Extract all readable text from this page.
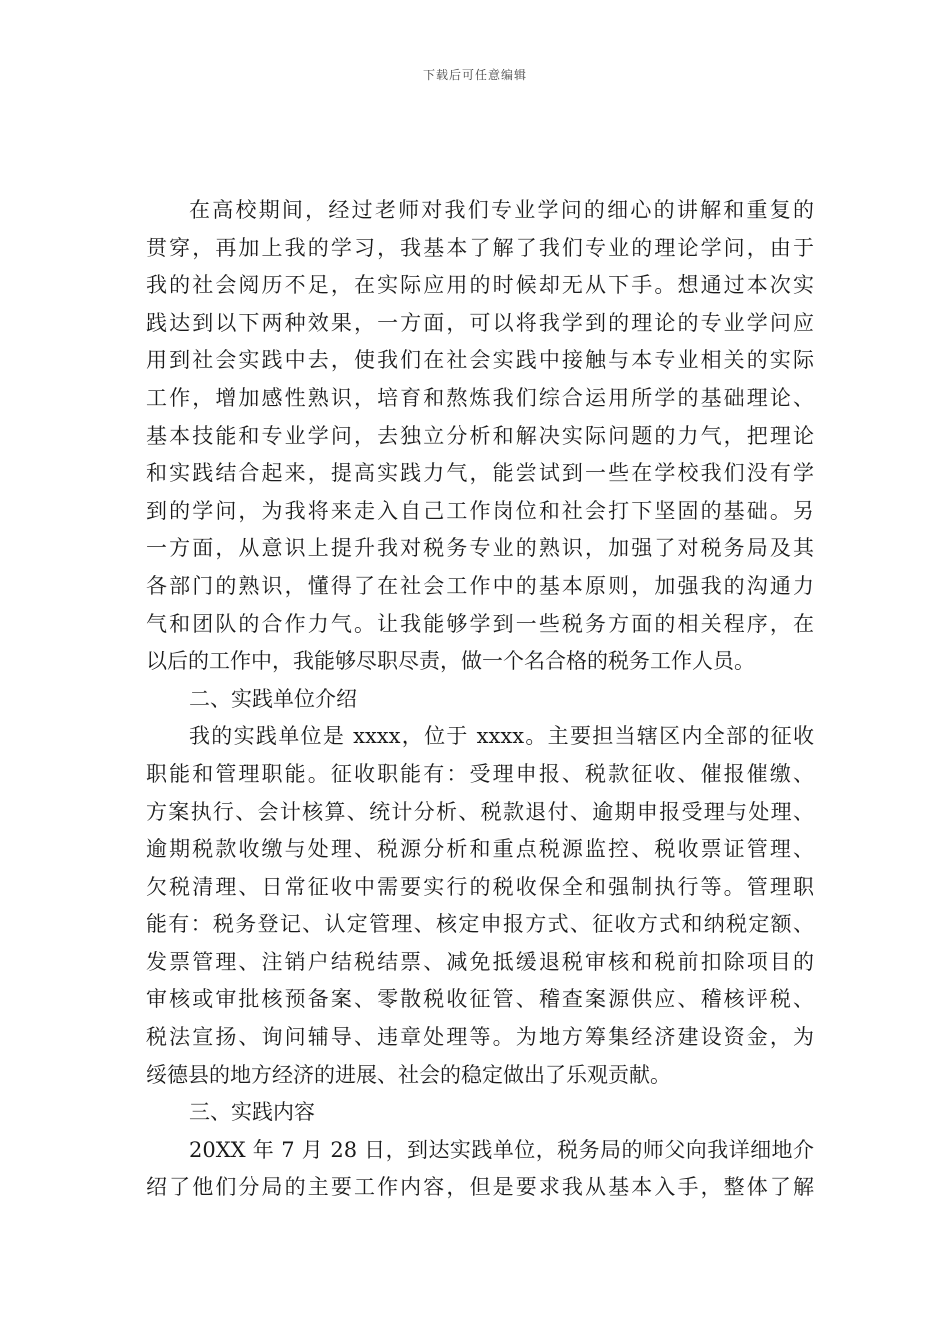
下载后可任意编辑
在高校期间，经过老师对我们专业学问的细心的讲解和重复的
贯穿，再加上我的学习，我基本了解了我们专业的理论学问，由于
我的社会阅历不足，在实际应用的时候却无从下手。想通过本次实
践达到以下两种效果，一方面，可以将我学到的理论的专业学问应
用到社会实践中去，使我们在社会实践中接触与本专业相关的实际
工作，增加感性熟识，培育和熬炼我们综合运用所学的基础理论、
基本技能和专业学问，去独立分析和解决实际问题的力气，把理论
和实践结合起来，提高实践力气，能尝试到一些在学校我们没有学
到的学问，为我将来走入自己工作岗位和社会打下坚固的基础。另
一方面，从意识上提升我对税务专业的熟识，加强了对税务局及其
各部门的熟识，懂得了在社会工作中的基本原则，加强我的沟通力
气和团队的合作力气。让我能够学到一些税务方面的相关程序，在
以后的工作中，我能够尽职尽责，做一个名合格的税务工作人员。
二、实践单位介绍
我的实践单位是 xxxx，位于 xxxx。主要担当辖区内全部的征收
职能和管理职能。征收职能有：受理申报、税款征收、催报催缴、
方案执行、会计核算、统计分析、税款退付、逾期申报受理与处理、
逾期税款收缴与处理、税源分析和重点税源监控、税收票证管理、
欠税清理、日常征收中需要实行的税收保全和强制执行等。管理职
能有：税务登记、认定管理、核定申报方式、征收方式和纳税定额、
发票管理、注销户结税结票、减免抵缓退税审核和税前扣除项目的
审核或审批核预备案、零散税收征管、稽查案源供应、稽核评税、
税法宣扬、询问辅导、违章处理等。为地方筹集经济建设资金，为
绥德县的地方经济的进展、社会的稳定做出了乐观贡献。
三、实践内容
20XX 年 7 月 28 日，到达实践单位，税务局的师父向我详细地介
绍了他们分局的主要工作内容，但是要求我从基本入手，整体了解
